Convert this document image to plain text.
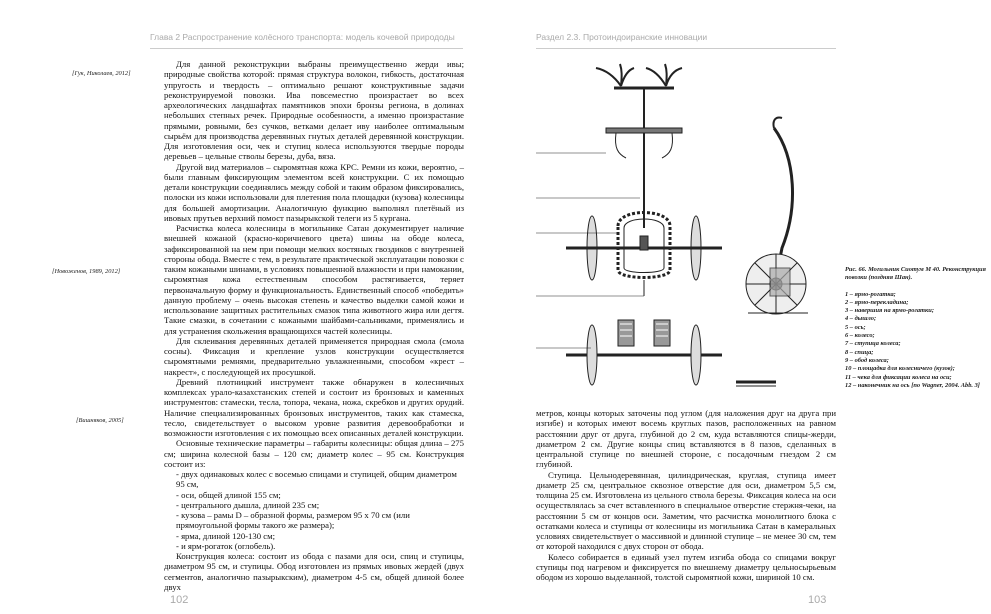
Глава 2 Распространение колёсного транспорта: модель кочевой природоды
[Гук, Николаев, 2012]
[Новоженов, 1989, 2012]
[Вишняков, 2005]

Для данной реконструкции выбраны преимущественно жерди ивы; природные свойства которой: прямая структура волокон, гибкость, достаточная упругость и твердость – оптимально решают конструктивные задачи реконструируемой повозки. Ива повсеместно произрастает во всех археологических ландшафтах памятников эпохи бронзы региона, в долинах небольших степных речек. Природные особенности, а именно произрастание прямыми, ровными, без сучков, ветками делает иву наиболее оптимальным сырьём для производства деревянных гнутых деталей деревянной конструкции. Для изготовления оси, чек и ступиц колеса используются твердые породы деревьев – цельные стволы березы, дуба, вяза.

Другой вид материалов – сыромятная кожа КРС. Ремни из кожи, вероятно, – были главным фиксирующим элементом всей конструкции. С их помощью детали конструкции соединялись между собой и таким образом фиксировались, полоски из кожи использовали для плетения пола площадки (кузова) колесницы для большей амортизации. Аналогичную функцию выполнял плетёный из ивовых прутьев верхний помост пазырыкской телеги из 5 кургана.

Расчистка колеса колесницы в могильнике Сатан документирует наличие внешней кожаной (красно-коричневого цвета) шины на ободе колеса, зафиксированной на нем при помощи мелких костяных гвоздиков с внутренней стороны обода. Вместе с тем, в результате практической эксплуатации повозки с таким кожаными шинами, в условиях повышенной влажности и при намокании, сыромятная кожа естественным способом растягивается, теряет первоначальную форму и функциональность. Единственный способ «победить» данную проблему – очень высокая степень и качество выделки самой кожи и использование защитных растительных смазок типа животного жира или дегтя. Такие смазки, в сочетании с кожаными шайбами-сальниками, применялись и для устранения скольжения вращающихся частей колесницы.

Для склеивания деревянных деталей применяется природная смола (смола сосны). Фиксация и крепление узлов конструкции осуществляется сыромятными ремнями, предварительно увлажненными, способом «крест – накрест», с последующей их просушкой.

Древний плотницкий инструмент также обнаружен в колесничных комплексах урало-казахстанских степей и состоит из бронзовых и каменных инструментов: стамески, тесла, топора, чекана, ножа, скребков и других орудий. Наличие специализированных бронзовых инструментов, таких как стамеска, тесло, свидетельствует о высоком уровне развития деревообработки и возможности изготовления с их помощью всех описанных деталей конструкции.

Основные технические параметры – габариты колесницы: общая длина – 275 см; ширина колесной базы – 120 см; диаметр колес – 95 см. Конструкция состоит из:

- двух одинаковых колес с восемью спицами и ступицей, общим диаметром 95 см,

- оси, общей длиной 155 см;

- центрального дышла, длиной 235 см;

- кузова – рамы D – образной формы, размером 95 х 70 см (или прямоугольной формы такого же размера);

- ярма, длиной 120-130 см;

- и ярм-рогаток (оглобель).

Конструкция колеса: состоит из обода с пазами для оси, спиц и ступицы, диаметром 95 см, и ступицы. Обод изготовлен из прямых ивовых жердей (двух сегментов, аналогично пазырыкским), диаметром 4-5 см, общей длиной более двух

102
Раздел 2.3. Протоиндоиранские инновации
Рис. 66. Могильник Сиотум М 40. Реконструкция повозки (поздняя Шан).
1 – ярмо-рогатка;
2 – ярмо-перекладина;
3 – навершия на ярмо-рогатки;
4 – дышло;
5 – ось;
6 – колесо;
7 – ступица колеса;
8 – спица;
9 – обод колеса;
10 – площадка для колесничего (кузов);
11 – чека для фиксации колеса на оси;
12 – наконечник на ось [по Wagner, 2004. Abb. 3]

метров, концы которых заточены под углом (для наложения друг на друга при изгибе) и которых имеют восемь круглых пазов, расположенных на равном расстоянии друг от друга, глубиной до 2 см, куда вставляются спицы-жерди, диаметром 2 см. Другие концы спиц вставляются в 8 пазов, сделанных в центральной ступице по внешней стороне, с посадочным гнездом 2 см глубиной.

Ступица. Цельнодеревянная, цилиндрическая, круглая, ступица имеет диаметр 25 см, центральное сквозное отверстие для оси, диаметром 5,5 см, толщина 25 см. Изготовлена из цельного ствола березы. Фиксация колеса на оси осуществлялась за счет вставленного в специальное отверстие стержня-чеки, на расстоянии 5 см от концов оси. Заметим, что расчистка монолитного блока с остатками колеса и ступицы от колесницы из могильника Сатан в камеральных условиях свидетельствует о массивной и длинной ступице – не менее 30 см, тем от которой находился с двух сторон от обода.

Колесо собирается в единый узел путем изгиба обода со спицами вокруг ступицы под нагревом и фиксируется по внешнему диаметру цельносырьевым ободом из хорошо выделанной, толстой сыромятной кожи, шириной 10 см.

103
